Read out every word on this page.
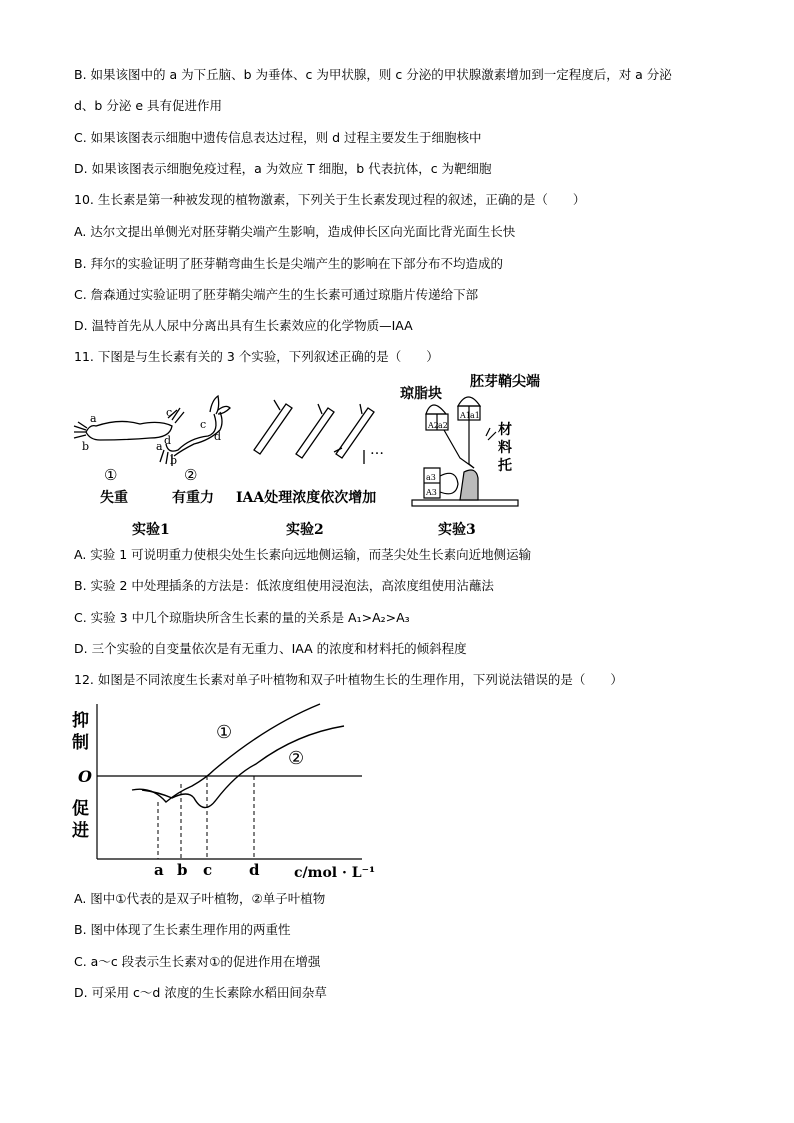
B. 如果该图中的 a 为下丘脑、b 为垂体、c 为甲状腺，则 c 分泌的甲状腺激素增加到一定程度后，对 a 分泌
d、b 分泌 e 具有促进作用
C. 如果该图表示细胞中遗传信息表达过程，则 d 过程主要发生于细胞核中
D. 如果该图表示细胞免疫过程，a 为效应 T 细胞，b 代表抗体，c 为靶细胞
10. 生长素是第一种被发现的植物激素，下列关于生长素发现过程的叙述，正确的是（　　）
A. 达尔文提出单侧光对胚芽鞘尖端产生影响，造成伸长区向光面比背光面生长快
B. 拜尔的实验证明了胚芽鞘弯曲生长是尖端产生的影响在下部分布不均造成的
C. 詹森通过实验证明了胚芽鞘尖端产生的生长素可通过琼脂片传递给下部
D. 温特首先从人尿中分离出具有生长素效应的化学物质—IAA
11. 下图是与生长素有关的 3 个实验，下列叙述正确的是（　　）
a
b
c
d
c
d
a
b
①	②
失重	有重力
实验1
…
IAA处理浓度依次增加
实验2
琼脂块
胚芽鞘尖端
A1 a1
A2 a2
a3
A3
材
料
托
实验3
A. 实验 1 可说明重力使根尖处生长素向远地侧运输，而茎尖处生长素向近地侧运输
B. 实验 2 中处理插条的方法是：低浓度组使用浸泡法，高浓度组使用沾蘸法
C. 实验 3 中几个琼脂块所含生长素的量的关系是 A₁>A₂>A₃
D. 三个实验的自变量依次是有无重力、IAA 的浓度和材料托的倾斜程度
12. 如图是不同浓度生长素对单子叶植物和双子叶植物生长的生理作用，下列说法错误的是（　　）
抑
制
O
促
进
a b c d c/mol · L⁻¹
①
②
A. 图中①代表的是双子叶植物，②单子叶植物
B. 图中体现了生长素生理作用的两重性
C. a～c 段表示生长素对①的促进作用在增强
D. 可采用 c～d 浓度的生长素除水稻田间杂草
